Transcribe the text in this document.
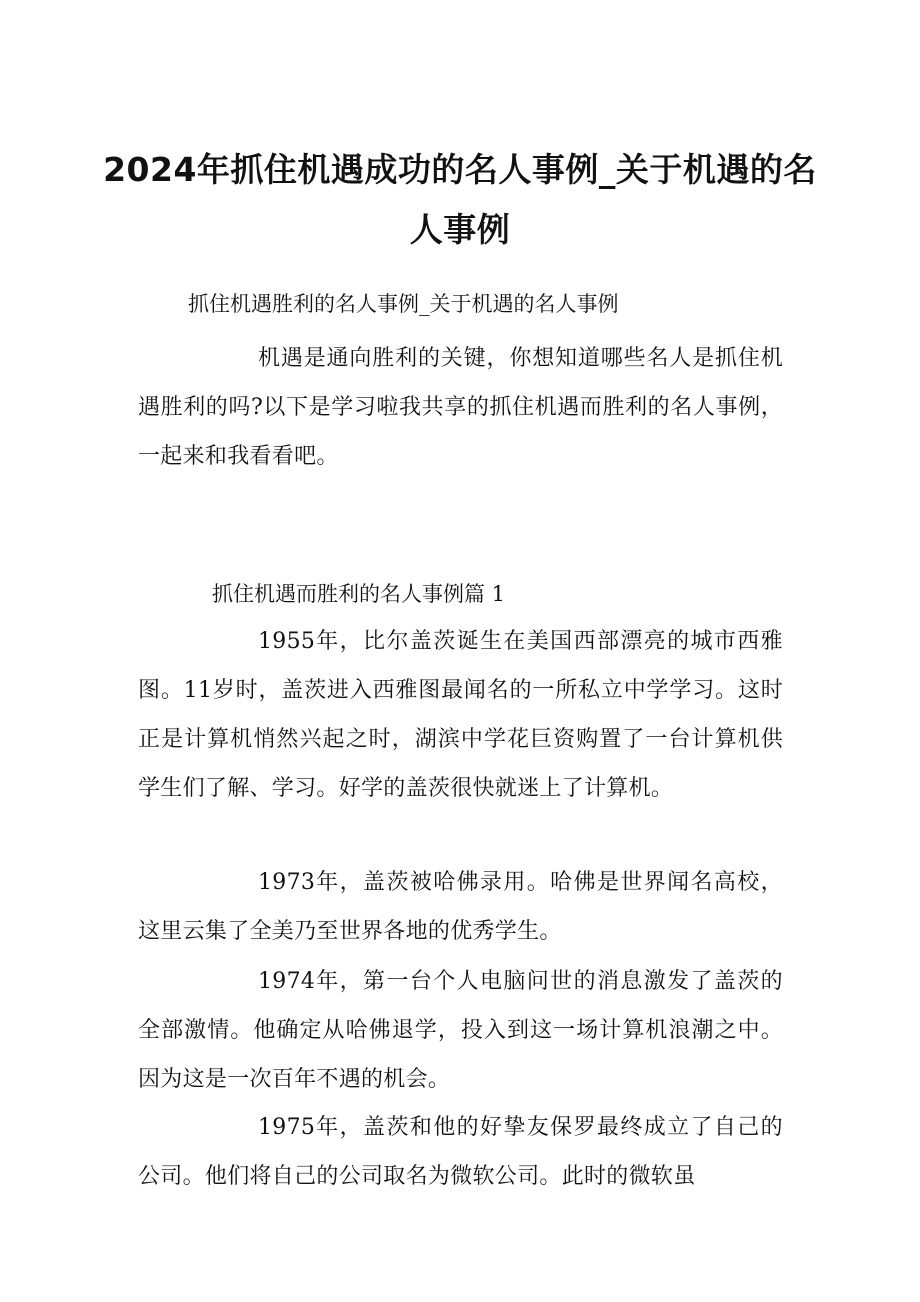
2024年抓住机遇成功的名人事例_关于机遇的名人事例

抓住机遇胜利的名人事例_关于机遇的名人事例

机遇是通向胜利的关键，你想知道哪些名人是抓住机遇胜利的吗?以下是学习啦我共享的抓住机遇而胜利的名人事例，一起来和我看看吧。

抓住机遇而胜利的名人事例篇 1

1955年，比尔盖茨诞生在美国西部漂亮的城市西雅图。11岁时，盖茨进入西雅图最闻名的一所私立中学学习。这时正是计算机悄然兴起之时，湖滨中学花巨资购置了一台计算机供学生们了解、学习。好学的盖茨很快就迷上了计算机。

1973年，盖茨被哈佛录用。哈佛是世界闻名高校，这里云集了全美乃至世界各地的优秀学生。

1974年，第一台个人电脑问世的消息激发了盖茨的全部激情。他确定从哈佛退学，投入到这一场计算机浪潮之中。因为这是一次百年不遇的机会。

1975年，盖茨和他的好挚友保罗最终成立了自己的公司。他们将自己的公司取名为微软公司。此时的微软虽
